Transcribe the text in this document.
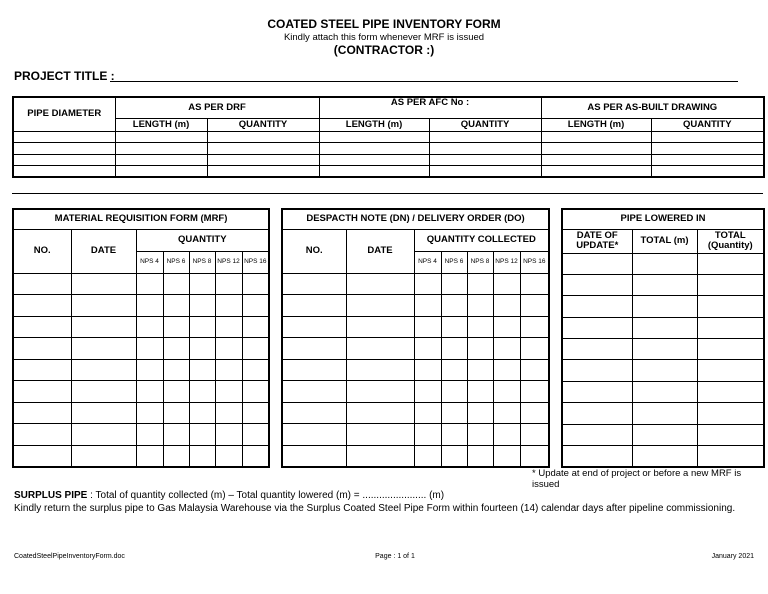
COATED STEEL PIPE INVENTORY FORM
Kindly attach this form whenever MRF is issued
(CONTRACTOR :)
PROJECT TITLE :
PIPE DIAMETER	AS PER DRF		AS PER AFC No :		AS PER AS-BUILT DRAWING	
	LENGTH (m)	QUANTITY	LENGTH (m)	QUANTITY	LENGTH (m)	QUANTITY

MATERIAL REQUISITION FORM (MRF)						
NO.	DATE	QUANTITY				
		NPS 4	NPS 6	NPS 8	NPS 12	NPS 16

DESPACTH NOTE (DN) / DELIVERY ORDER (DO)						
NO.	DATE	QUANTITY COLLECTED				
		NPS 4	NPS 6	NPS 8	NPS 12	NPS 16

PIPE LOWERED IN		
DATE OF UPDATE*	TOTAL (m)	TOTAL (Quantity)

* Update at end of project or before a new MRF is issued
SURPLUS PIPE : Total of quantity collected (m) – Total quantity lowered (m) = ....................... (m)
Kindly return the surplus pipe to Gas Malaysia Warehouse via the Surplus Coated Steel Pipe Form within fourteen (14) calendar days after pipeline commissioning.
CoatedSteelPipeInventoryForm.doc	Page : 1 of 1	January 2021
